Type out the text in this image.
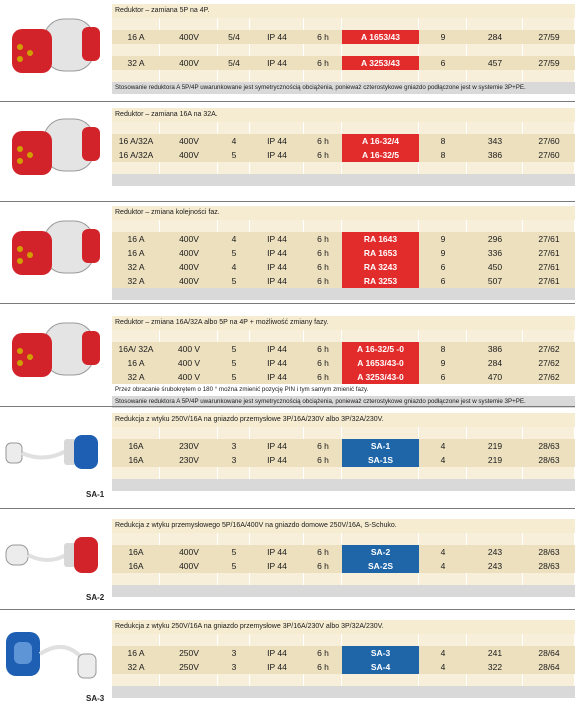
Reduktor – zamiana 5P na 4P.
16 A	400V	5/4	IP 44	6 h	A 1653/43	9	284	27/59
32 A	400V	5/4	IP 44	6 h	A 3253/43	6	457	27/59
Stosowanie reduktora A 5P/4P uwarunkowane jest symetrycznością obciążenia, ponieważ czterostykowe gniazdo podłączone jest w systemie 3P+PE.
Reduktor – zamiana 16A na 32A.
16 A/32A	400V	4	IP 44	6 h	A 16-32/4	8	343	27/60
16 A/32A	400V	5	IP 44	6 h	A 16-32/5	8	386	27/60
Reduktor – zmiana kolejności faz.
16 A	400V	4	IP 44	6 h	RA 1643	9	296	27/61
16 A	400V	5	IP 44	6 h	RA 1653	9	336	27/61
32 A	400V	4	IP 44	6 h	RA 3243	6	450	27/61
32 A	400V	5	IP 44	6 h	RA 3253	6	507	27/61
Reduktor – zmiana 16A/32A albo 5P na 4P + możliwość zmiany fazy.
16A/ 32A	400 V	5	IP 44	6 h	A 16-32/5 -0	8	386	27/62
16 A	400 V	5	IP 44	6 h	A 1653/43-0	9	284	27/62
32 A	400 V	5	IP 44	6 h	A 3253/43-0	6	470	27/62
Przez obracanie śrubokrętem o 180 ° można zmienić pozycję PIN i tym samym zmienić fazy.
Stosowanie reduktora A 5P/4P uwarunkowane jest symetrycznością obciążenia, ponieważ czterostykowe gniazdo podłączone jest w systemie 3P+PE.
SA-1
Redukcja z wtyku 250V/16A na gniazdo przemysłowe 3P/16A/230V albo 3P/32A/230V.
16A	230V	3	IP 44	6 h	SA-1	4	219	28/63
16A	230V	3	IP 44	6 h	SA-1S	4	219	28/63
SA-2
Redukcja z wtyku przemysłowego 5P/16A/400V na gniazdo domowe 250V/16A, S-Schuko.
16A	400V	5	IP 44	6 h	SA-2	4	243	28/63
16A	400V	5	IP 44	6 h	SA-2S	4	243	28/63
SA-3
Redukcja z wtyku 250V/16A na gniazdo przemysłowe 3P/16A/230V albo 3P/32A/230V.
16 A	250V	3	IP 44	6 h	SA-3	4	241	28/64
32 A	250V	3	IP 44	6 h	SA-4	4	322	28/64
